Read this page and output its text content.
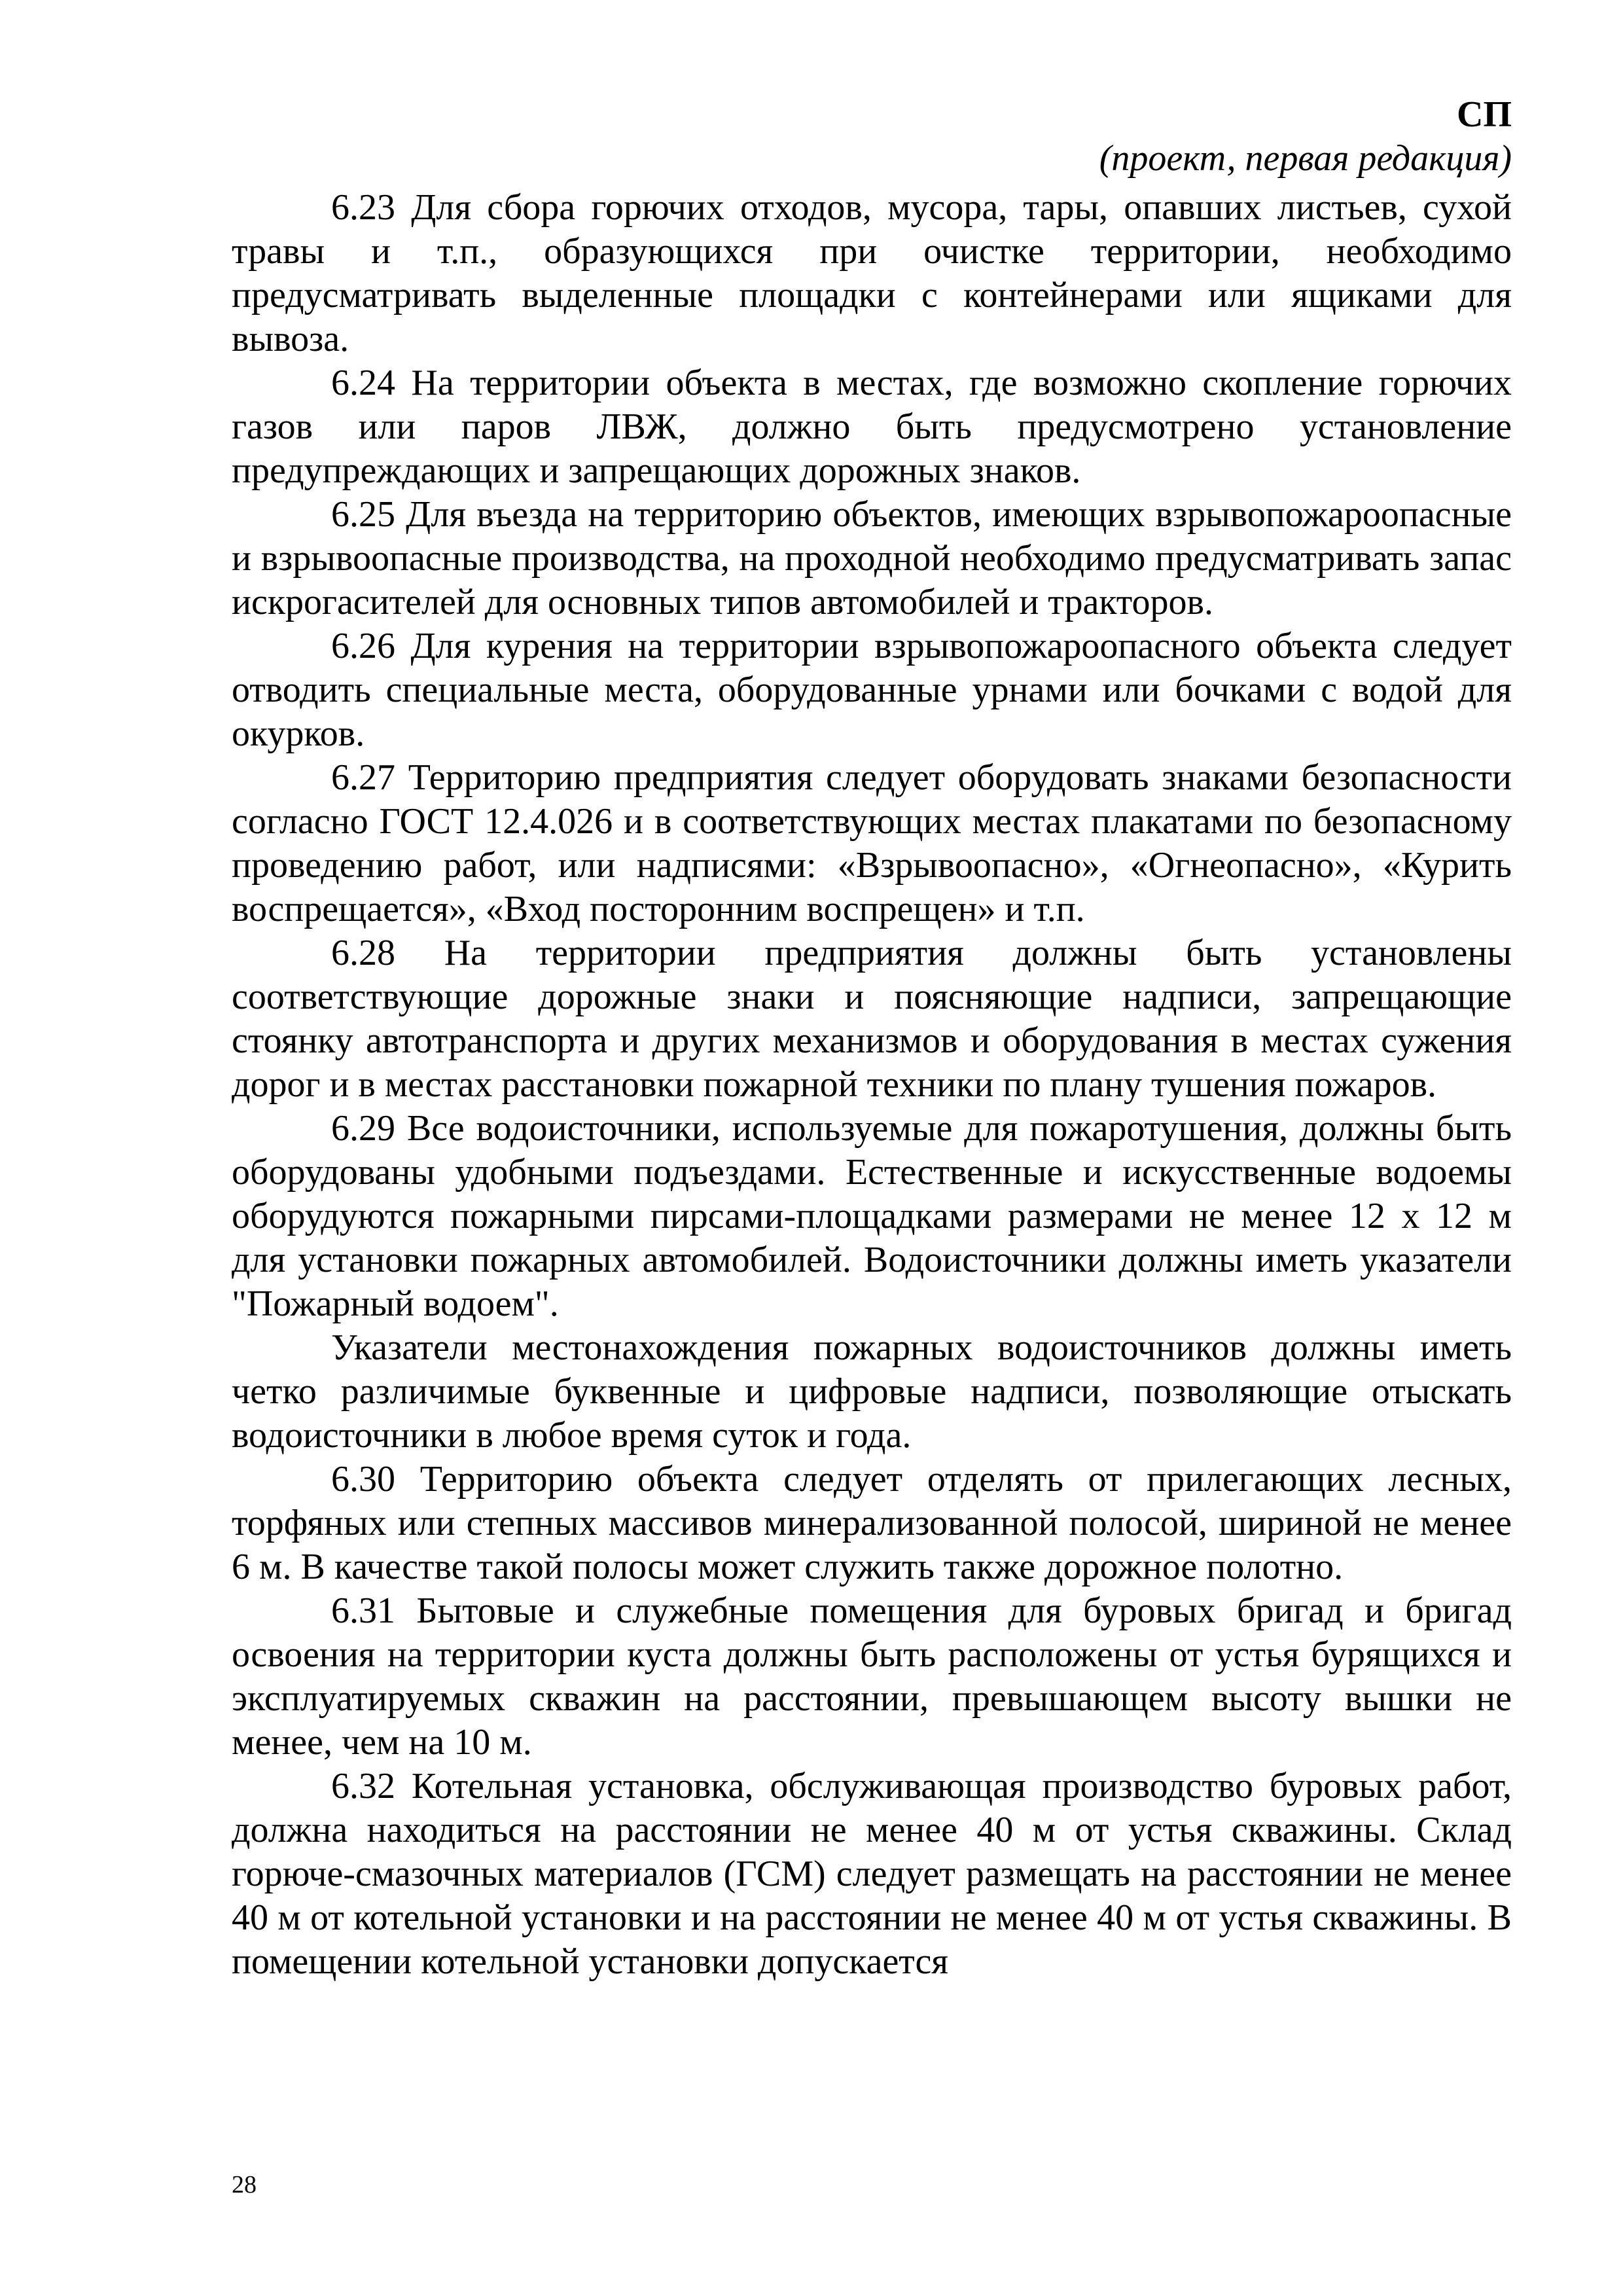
СП
(проект, первая редакция)

6.23 Для сбора горючих отходов, мусора, тары, опавших листьев, сухой травы и т.п., образующихся при очистке территории, необходимо предусматривать выделенные площадки с контейнерами или ящиками для вывоза.

6.24 На территории объекта в местах, где возможно скопление горючих газов или паров ЛВЖ, должно быть предусмотрено установление предупреждающих и запрещающих дорожных знаков.

6.25 Для въезда на территорию объектов, имеющих взрывопожароопасные и взрывоопасные производства, на проходной необходимо предусматривать запас искрогасителей для основных типов автомобилей и тракторов.

6.26 Для курения на территории взрывопожароопасного объекта следует отводить специальные места, оборудованные урнами или бочками с водой для окурков.

6.27 Территорию предприятия следует оборудовать знаками безопасности согласно ГОСТ 12.4.026 и в соответствующих местах плакатами по безопасному проведению работ, или надписями: «Взрывоопасно», «Огнеопасно», «Курить воспрещается», «Вход посторонним воспрещен» и т.п.

6.28 На территории предприятия должны быть установлены соответствующие дорожные знаки и поясняющие надписи, запрещающие стоянку автотранспорта и других механизмов и оборудования в местах сужения дорог и в местах расстановки пожарной техники по плану тушения пожаров.

6.29 Все водоисточники, используемые для пожаротушения, должны быть оборудованы удобными подъездами. Естественные и искусственные водоемы оборудуются пожарными пирсами-площадками размерами не менее 12 х 12 м для установки пожарных автомобилей. Водоисточники должны иметь указатели "Пожарный водоем".

Указатели местонахождения пожарных водоисточников должны иметь четко различимые буквенные и цифровые надписи, позволяющие отыскать водоисточники в любое время суток и года.

6.30 Территорию объекта следует отделять от прилегающих лесных, торфяных или степных массивов минерализованной полосой, шириной не менее 6 м. В качестве такой полосы может служить также дорожное полотно.

6.31 Бытовые и служебные помещения для буровых бригад и бригад освоения на территории куста должны быть расположены от устья бурящихся и эксплуатируемых скважин на расстоянии, превышающем высоту вышки не менее, чем на 10 м.

6.32 Котельная установка, обслуживающая производство буровых работ, должна находиться на расстоянии не менее 40 м от устья скважины. Склад горюче-смазочных материалов (ГСМ) следует размещать на расстоянии не менее 40 м от котельной установки и на расстоянии не менее 40 м от устья скважины. В помещении котельной установки допускается

28
